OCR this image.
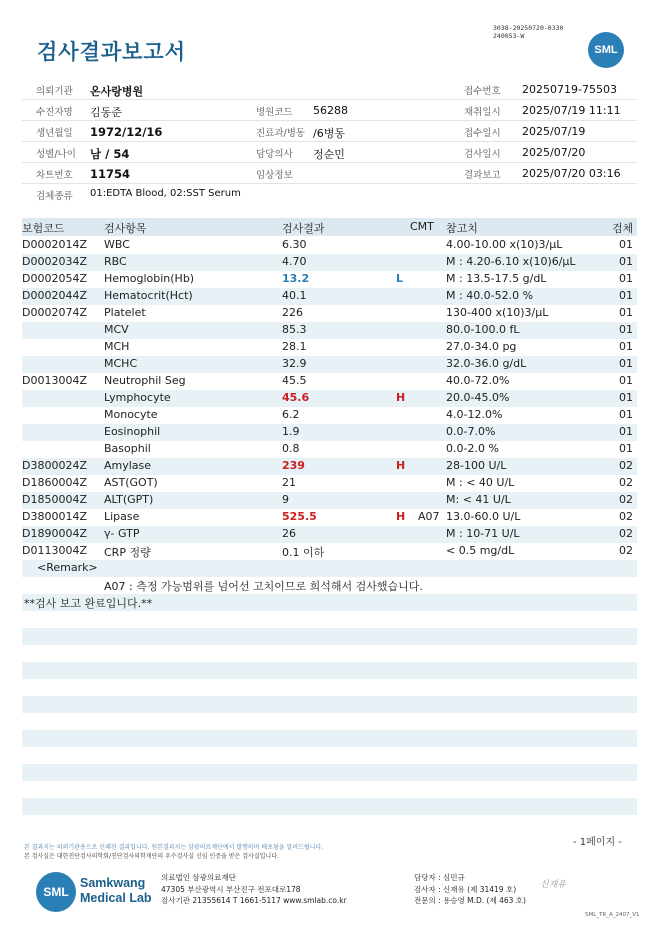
검사결과보고서
3038-20250720-0330
240053-W
SML
의뢰기관 온사랑병원	접수번호 20250719-75503
수진자명 김동준	병원코드 56288	채취일시 2025/07/19 11:11
생년월일 1972/12/16	진료과/병동 /6병동	접수일시 2025/07/19
성별/나이 남 / 54	담당의사 정순민	검사일시 2025/07/20
차트번호 11754	임상정보	결과보고 2025/07/20 03:16
검체종류 01:EDTA Blood, 02:SST Serum
보험코드	검사항목	검사결과	CMT 참고치	검체
D0002014Z WBC	6.30	4.00-10.00 x(10)3/μL	01
D0002034Z RBC	4.70	M : 4.20-6.10 x(10)6/μL	01
D0002054Z Hemoglobin(Hb)	13.2	L	M : 13.5-17.5 g/dL	01
D0002044Z Hematocrit(Hct)	40.1	M : 40.0-52.0 %	01
D0002074Z Platelet	226	130-400 x(10)3/μL	01
MCV	85.3	80.0-100.0 fL	01
MCH	28.1	27.0-34.0 pg	01
MCHC	32.9	32.0-36.0 g/dL	01
D0013004Z Neutrophil Seg	45.5	40.0-72.0%	01
Lymphocyte	45.6	H	20.0-45.0%	01
Monocyte	6.2	4.0-12.0%	01
Eosinophil	1.9	0.0-7.0%	01
Basophil	0.8	0.0-2.0 %	01
D3800024Z Amylase	239	H	28-100 U/L	02
D1860004Z AST(GOT)	21	M : < 40 U/L	02
D1850004Z ALT(GPT)	9	M: < 41 U/L	02
D3800014Z Lipase	525.5	H A07 13.0-60.0 U/L	02
D1890004Z γ- GTP	26	M : 10-71 U/L	02
D0113004Z CRP 정량	0.1 이하	< 0.5 mg/dL	02
<Remark>
A07 : 측정 가능범위를 넘어선 고치이므로 희석해서 검사했습니다.
**검사 보고 완료입니다.**
본 결과지는 의뢰기관용으로 인쇄된 결과입니다. 원본결과지는 삼광의료재단에서 발행하며 배포됨을 알려드립니다.
본 검사실은 대한진단검사의학회/진단검사의학재단의 우수검사실 신임 인증을 받은 검사실입니다.
- 1페이지 -
SML
Samkwang
Medical Lab
의료법인 삼광의료재단
47305 부산광역시 부산진구 전포대로178
검사기관 21355614 T 1661-5117 www.smlab.co.kr
담당자 : 심민규
검사자 : 신재유 (제 31419 호)
전문의 : 용승영 M.D. (제 463 호)
신재유
SML_TR_A_2407_V1
